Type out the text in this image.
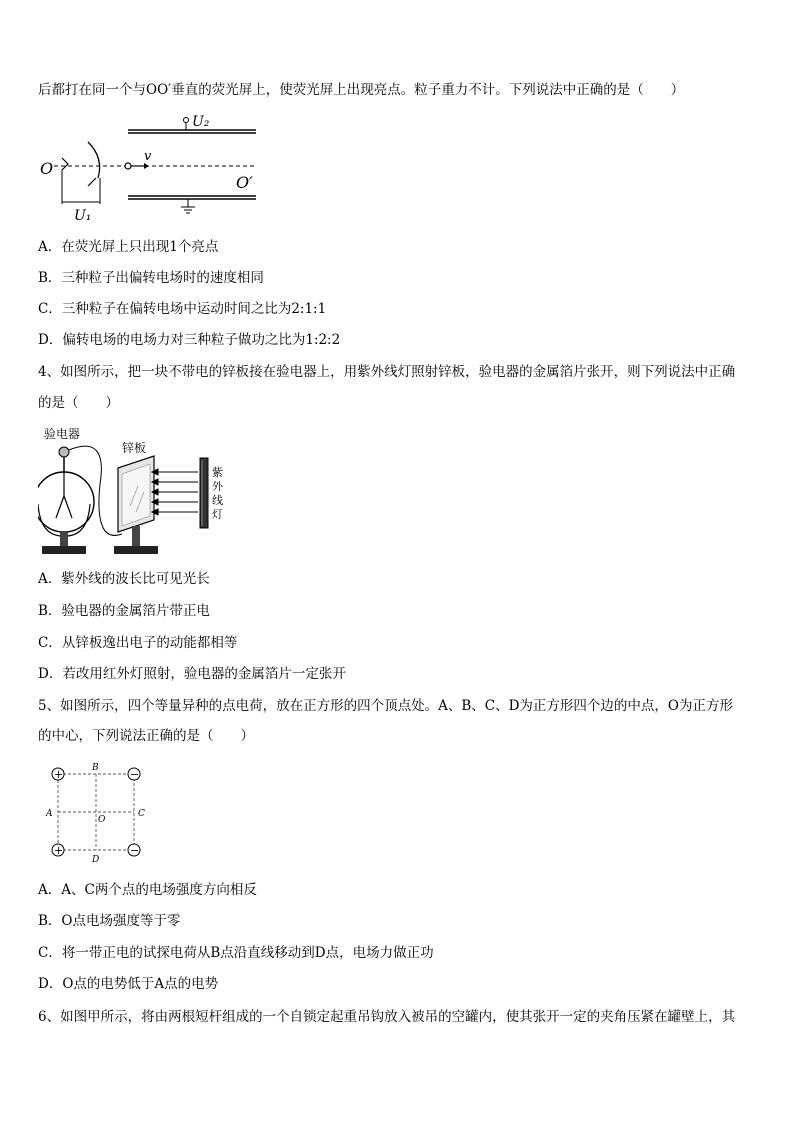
后都打在同一个与OO′垂直的荧光屏上，使荧光屏上出现亮点。粒子重力不计。下列说法中正确的是（　　）
U₂
O
U₁
v
O′
A．在荧光屏上只出现1个亮点
B．三种粒子出偏转电场时的速度相同
C．三种粒子在偏转电场中运动时间之比为2:1:1
D．偏转电场的电场力对三种粒子做功之比为1:2:2
4、如图所示，把一块不带电的锌板接在验电器上，用紫外线灯照射锌板，验电器的金属箔片张开，则下列说法中正确
的是（　　）
验电器
锌板
紫
外
线
灯
A．紫外线的波长比可见光长
B．验电器的金属箔片带正电
C．从锌板逸出电子的动能都相等
D．若改用红外灯照射，验电器的金属箔片一定张开
5、如图所示，四个等量异种的点电荷，放在正方形的四个顶点处。A、B、C、D为正方形四个边的中点，O为正方形
的中心，下列说法正确的是（　　）
+	−
+	−
B
A	C
O
D
A．A、C两个点的电场强度方向相反
B．O点电场强度等于零
C．将一带正电的试探电荷从B点沿直线移动到D点，电场力做正功
D．O点的电势低于A点的电势
6、如图甲所示，将由两根短杆组成的一个自锁定起重吊钩放入被吊的空罐内，使其张开一定的夹角压紧在罐壁上，其
